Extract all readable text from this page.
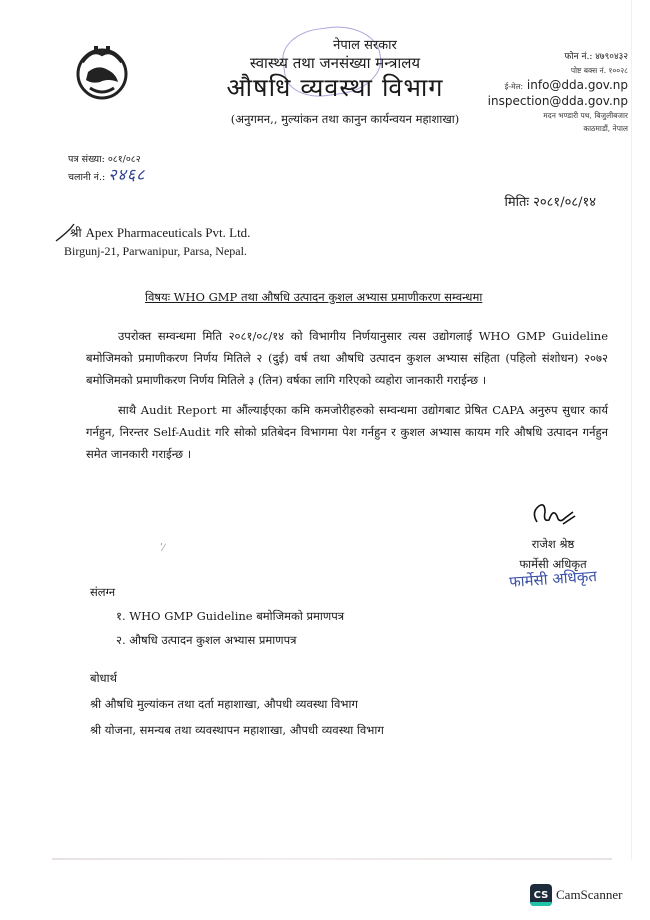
नेपाल सरकार
स्वास्थ्य तथा जनसंख्या मन्त्रालय
औषधि व्यवस्था विभाग
(अनुगमन,, मुल्यांकन तथा कानुन कार्यन्वयन महाशाखा)
फोन नं.: ४७९०४३२
पोष्ट बक्स नं. १००२८
ई-मेल: info@dda.gov.np
inspection@dda.gov.np
मदन भण्डारी पथ, बिजुलीबजार
काठमाडौं, नेपाल
पत्र संख्या: ०८१/०८२
चलानी नं.: २४६८
मितिः २०८१/०८/१४
श्री Apex Pharmaceuticals Pvt. Ltd.
Birgunj-21, Parwanipur, Parsa, Nepal.
विषयः WHO GMP तथा औषधि उत्पादन कुशल अभ्यास प्रमाणीकरण सम्वन्धमा

उपरोक्त सम्वन्धमा मिति २०८१/०८/१४ को विभागीय निर्णयानुसार त्यस उद्योगलाई WHO GMP Guideline बमोजिमको प्रमाणीकरण निर्णय मितिले २ (दुई) वर्ष तथा औषधि उत्पादन कुशल अभ्यास संहिता (पहिलो संशोधन) २०७२ बमोजिमको प्रमाणीकरण निर्णय मितिले ३ (तिन) वर्षका लागि गरिएको व्यहोरा जानकारी गराईन्छ ।

साथै Audit Report मा औंल्याईएका कमि कमजोरीहरुको सम्वन्धमा उद्योगबाट प्रेषित CAPA अनुरुप सुधार कार्य गर्नहुन, निरन्तर Self-Audit गरि सोको प्रतिबेदन विभागमा पेश गर्नहुन र कुशल अभ्यास कायम गरि औषधि उत्पादन गर्नहुन समेत जानकारी गराईन्छ ।

ʹ⁄	राजेश श्रेष्ठ
फार्मेसी अधिकृत
फार्मेसी अधिकृत
संलग्न
१. WHO GMP Guideline बमोजिमको प्रमाणपत्र
२. औषधि उत्पादन कुशल अभ्यास प्रमाणपत्र
बोधार्थ
श्री औषधि मुल्यांकन तथा दर्ता महाशाखा, औपधी व्यवस्था विभाग
श्री योजना, समन्यब तथा व्यवस्थापन महाशाखा, औपधी व्यवस्था विभाग
CS CamScanner
